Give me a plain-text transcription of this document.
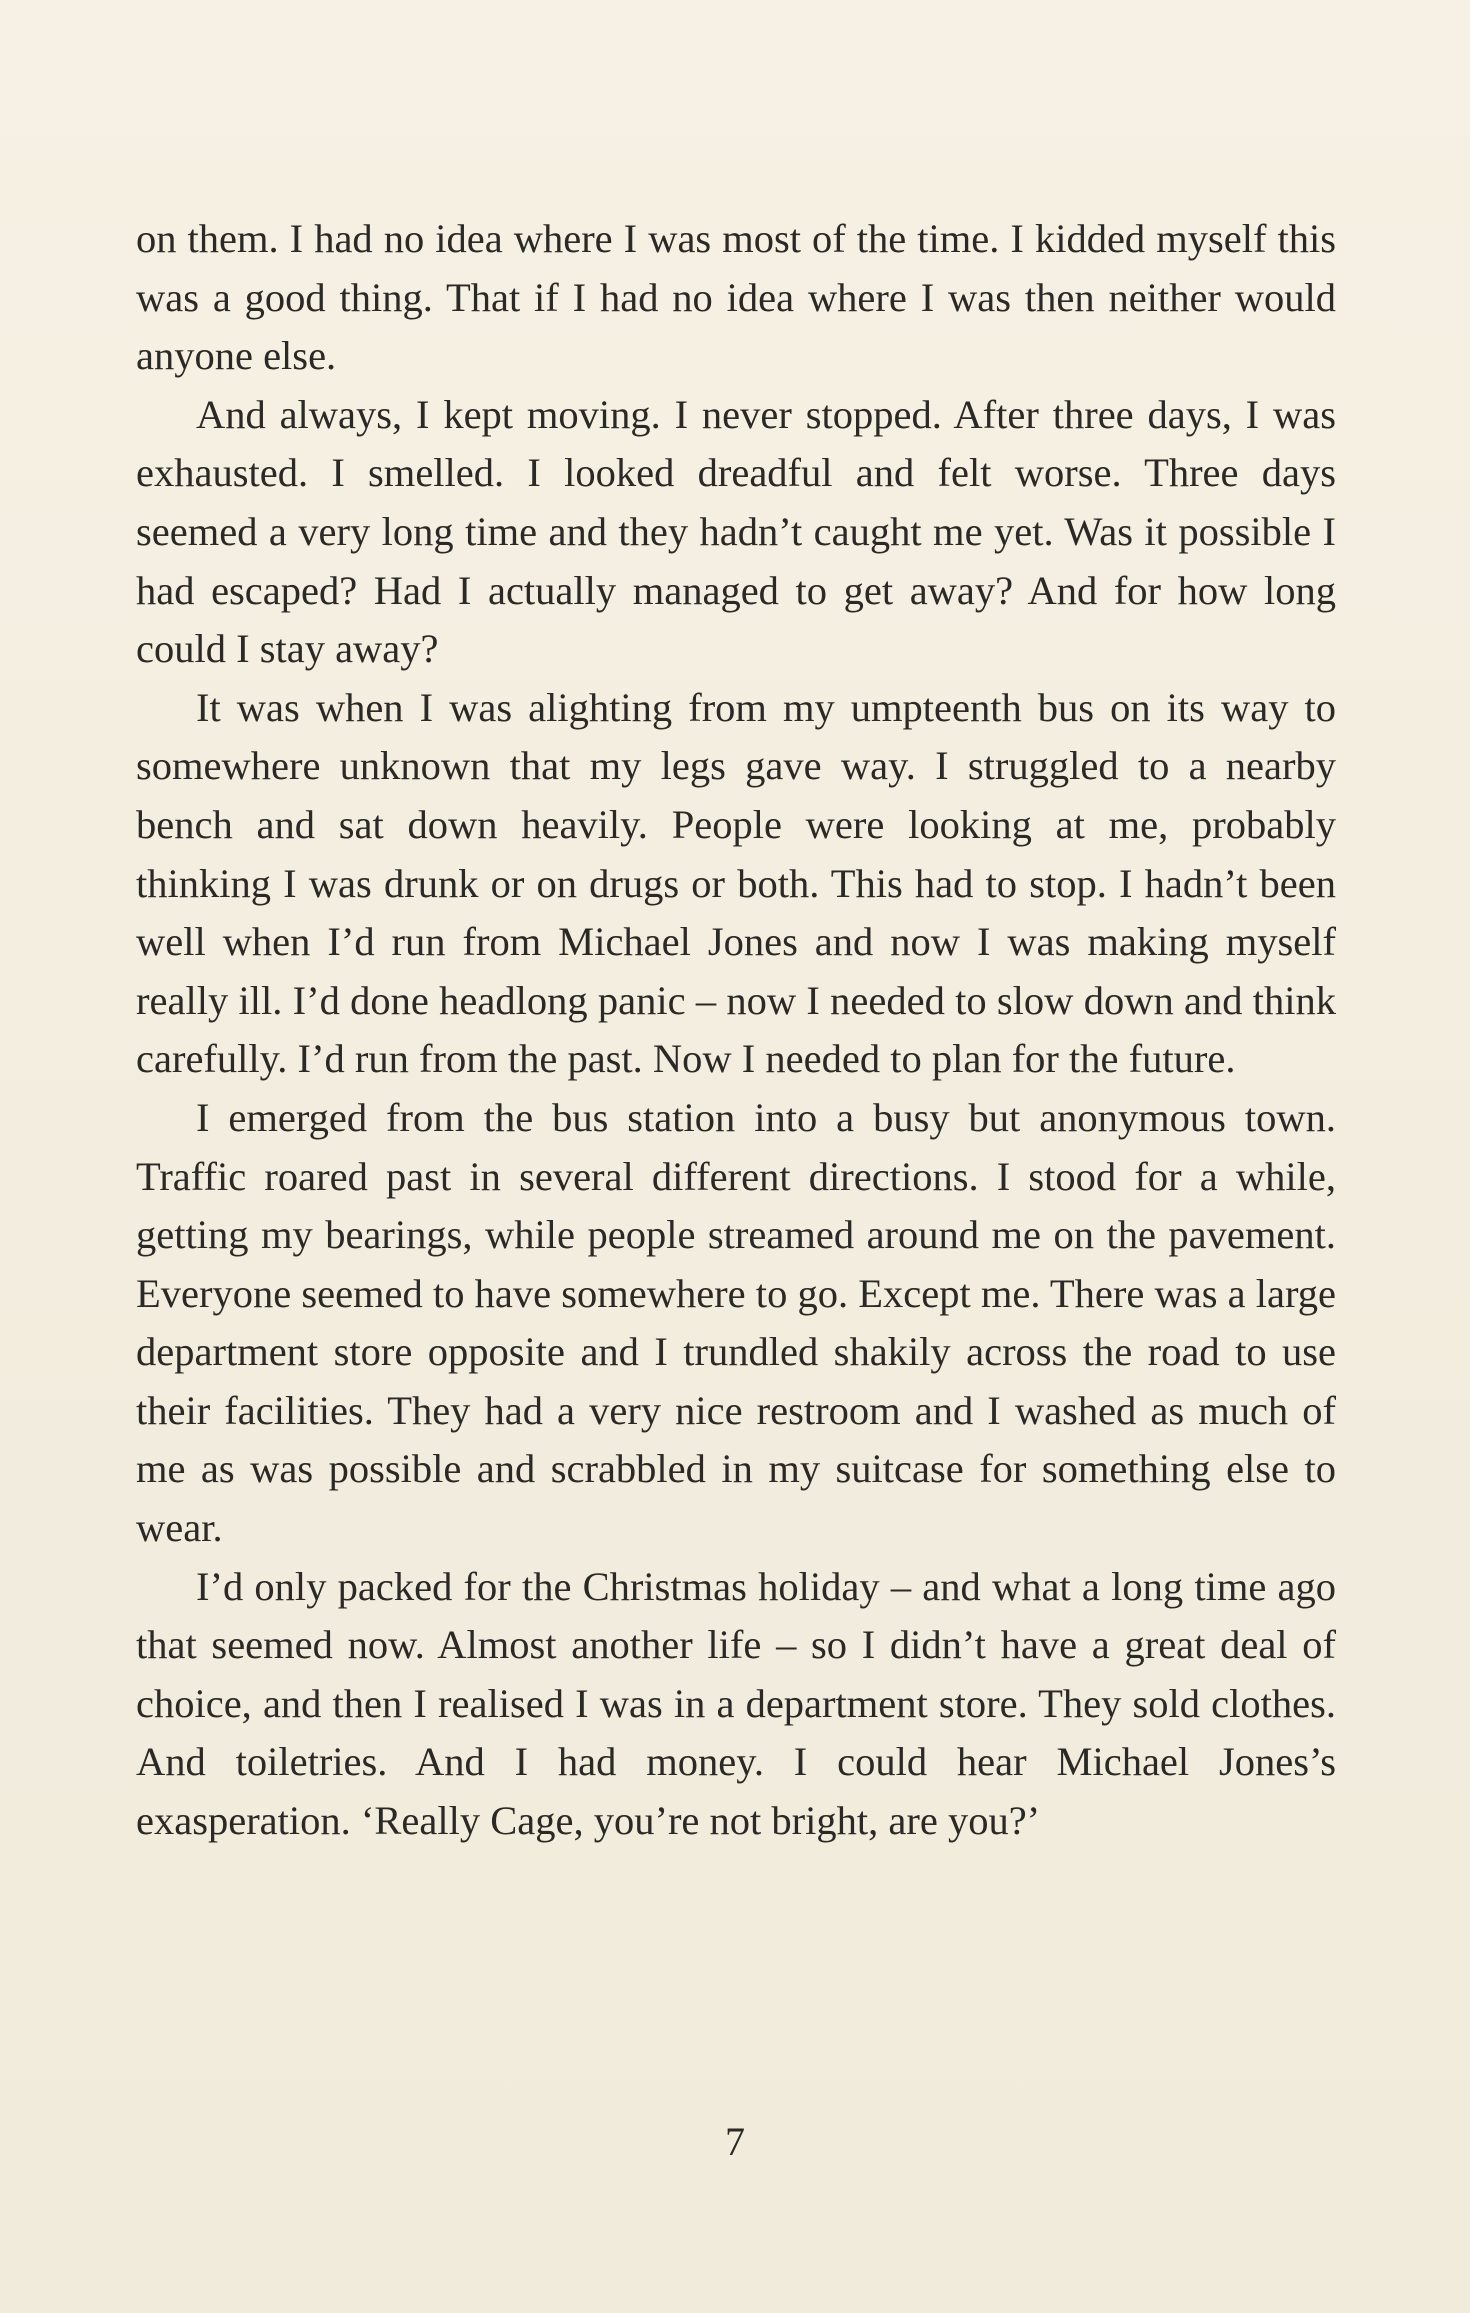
on them. I had no idea where I was most of the time. I kidded myself this was a good thing. That if I had no idea where I was then neither would anyone else.

And always, I kept moving. I never stopped. After three days, I was exhausted. I smelled. I looked dreadful and felt worse. Three days seemed a very long time and they hadn’t caught me yet. Was it possible I had escaped? Had I actually managed to get away? And for how long could I stay away?

It was when I was alighting from my umpteenth bus on its way to somewhere unknown that my legs gave way. I struggled to a nearby bench and sat down heavily. People were looking at me, probably thinking I was drunk or on drugs or both. This had to stop. I hadn’t been well when I’d run from Michael Jones and now I was making myself really ill. I’d done headlong panic – now I needed to slow down and think carefully. I’d run from the past. Now I needed to plan for the future.

I emerged from the bus station into a busy but anonymous town. Traffic roared past in several different directions. I stood for a while, getting my bearings, while people streamed around me on the pavement. Everyone seemed to have somewhere to go. Except me. There was a large department store opposite and I trundled shakily across the road to use their facilities. They had a very nice restroom and I washed as much of me as was possible and scrabbled in my suitcase for something else to wear.

I’d only packed for the Christmas holiday – and what a long time ago that seemed now. Almost another life – so I didn’t have a great deal of choice, and then I realised I was in a department store. They sold clothes. And toiletries. And I had money. I could hear Michael Jones’s exasperation. ‘Really Cage, you’re not bright, are you?’

7
